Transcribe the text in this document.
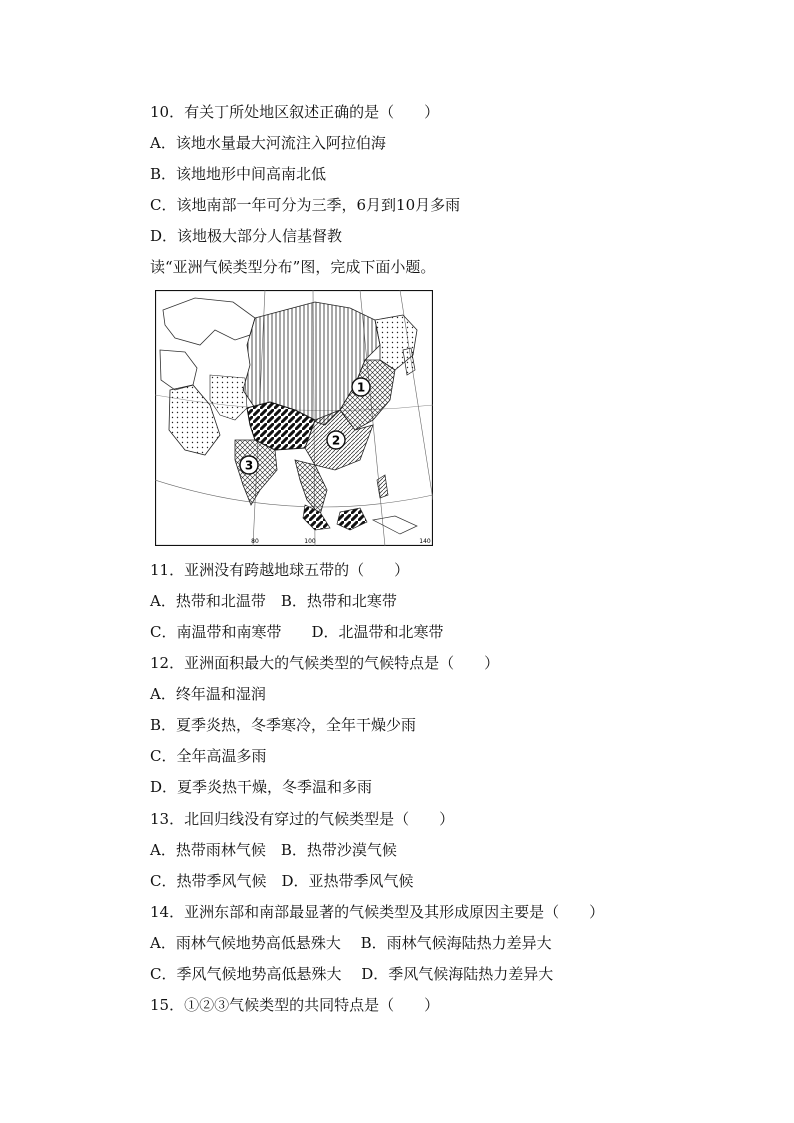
10．有关丁所处地区叙述正确的是（　　）
A．该地水量最大河流注入阿拉伯海
B．该地地形中间高南北低
C．该地南部一年可分为三季，6月到10月多雨
D．该地极大部分人信基督教
读“亚洲气候类型分布”图，完成下面小题。
1
2
3
80	100	140
11．亚洲没有跨越地球五带的（　　）
A．热带和北温带　B．热带和北寒带
C．南温带和南寒带　　D．北温带和北寒带
12．亚洲面积最大的气候类型的气候特点是（　　）
A．终年温和湿润
B．夏季炎热，冬季寒冷，全年干燥少雨
C．全年高温多雨
D．夏季炎热干燥，冬季温和多雨
13．北回归线没有穿过的气候类型是（　　）
A．热带雨林气候　B．热带沙漠气候
C．热带季风气候　D．亚热带季风气候
14．亚洲东部和南部最显著的气候类型及其形成原因主要是（　　）
A．雨林气候地势高低悬殊大　 B．雨林气候海陆热力差异大
C．季风气候地势高低悬殊大　 D．季风气候海陆热力差异大
15．①②③气候类型的共同特点是（　　）
